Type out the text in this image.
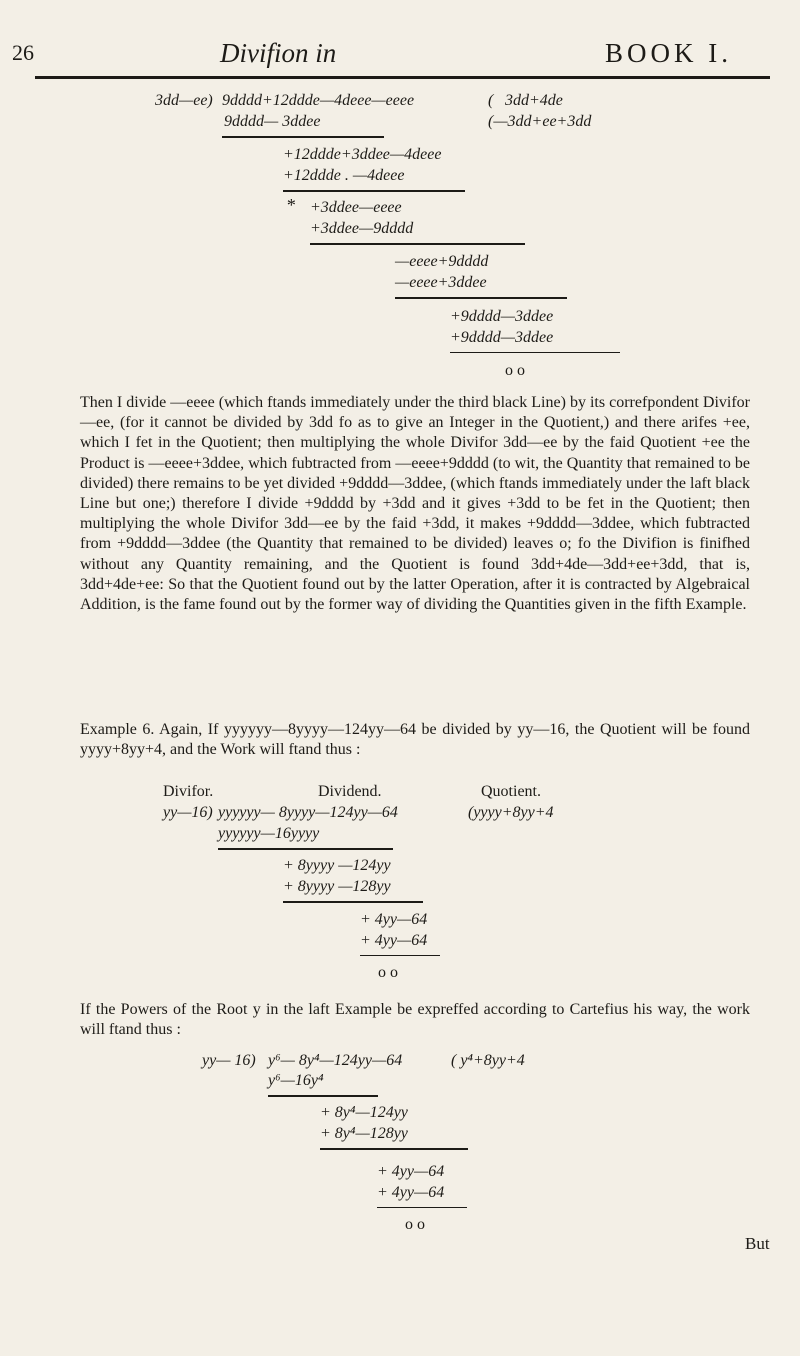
26	Divifion in	BOOK I.
3dd—ee) 9dddd+12ddde—4deee—eeee	( 3dd+4de
9dddd— 3ddee	(—3dd+ee+3dd
+12ddde+3ddee—4deee
+12ddde . —4deee
* +3ddee—eeee
+3ddee—9dddd
—eeee+9dddd
—eeee+3ddee
+9dddd—3ddee
+9dddd—3ddee
o o

Then I divide —eeee (which ftands immediately under the third black Line) by its correfpondent Divifor —ee, (for it cannot be divided by 3dd fo as to give an Integer in the Quotient,) and there arifes +ee, which I fet in the Quotient; then multiplying the whole Divifor 3dd—ee by the faid Quotient +ee the Product is —eeee+3ddee, which fubtracted from —eeee+9dddd (to wit, the Quantity that remained to be divided) there remains to be yet divided +9dddd—3ddee, (which ftands immediately under the laft black Line but one;) therefore I divide +9dddd by +3dd and it gives +3dd to be fet in the Quotient; then multiplying the whole Divifor 3dd—ee by the faid +3dd, it makes +9dddd—3ddee, which fubtracted from +9dddd—3ddee (the Quantity that remained to be divided) leaves o; fo the Divifion is finifhed without any Quantity remaining, and the Quotient is found 3dd+4de—3dd+ee+3dd, that is, 3dd+4de+ee: So that the Quotient found out by the latter Operation, after it is contracted by Algebraical Addition, is the fame found out by the former way of dividing the Quantities given in the fifth Example.

Example 6. Again, If yyyyyy—8yyyy—124yy—64 be divided by yy—16, the Quotient will be found yyyy+8yy+4, and the Work will ftand thus :

Divifor.	Dividend.	Quotient.
yy—16) yyyyyy— 8yyyy—124yy—64	(yyyy+8yy+4
yyyyyy—16yyyy
+ 8yyyy —124yy
+ 8yyyy —128yy
+ 4yy—64
+ 4yy—64
o o

If the Powers of the Root y in the laft Example be expreffed according to Cartefius his way, the work will ftand thus :

yy— 16) y⁶— 8y⁴—124yy—64	( y⁴+8yy+4
y⁶—16y⁴
+ 8y⁴—124yy
+ 8y⁴—128yy
+ 4yy—64
+ 4yy—64
o o
But
